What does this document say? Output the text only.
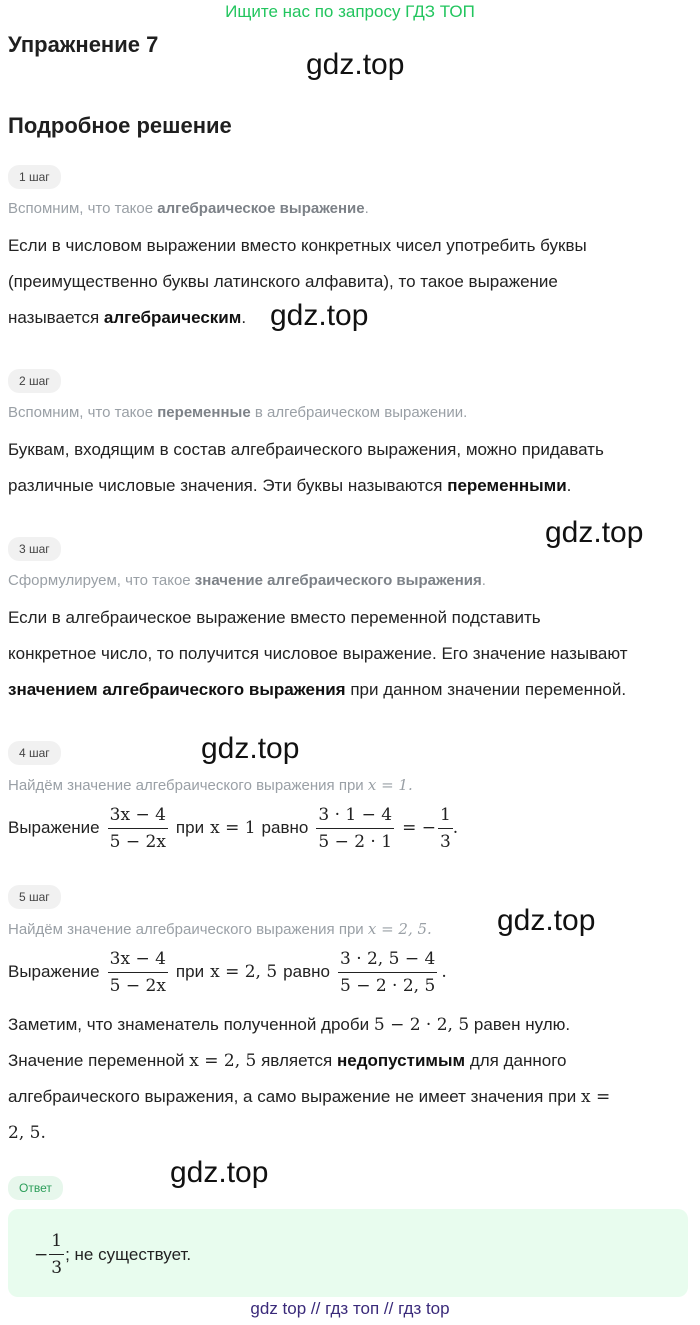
Ищите нас по запросу ГДЗ ТОП
Упражнение 7
gdz.top
Подробное решение
1 шаг
Вспомним, что такое алгебраическое выражение.
Если в числовом выражении вместо конкретных чисел употребить буквы
(преимущественно буквы латинского алфавита), то такое выражение
называется алгебраическим. gdz.top
2 шаг
Вспомним, что такое переменные в алгебраическом выражении.
Буквам, входящим в состав алгебраического выражения, можно придавать
различные числовые значения. Эти буквы называются переменными.
gdz.top
3 шаг
Сформулируем, что такое значение алгебраического выражения.
Если в алгебраическое выражение вместо переменной подставить
конкретное число, то получится числовое выражение. Его значение называют
значением алгебраического выражения при данном значении переменной.
4 шаг	gdz.top
Найдём значение алгебраического выражения при x = 1.
Выражение $\frac{3x - 4}{5 - 2x}$ при x = 1 равно $\frac{3 \cdot 1 - 4}{5 - 2 \cdot 1}$ = − $\frac{1}{3}$ .
5 шаг
gdz.top
Найдём значение алгебраического выражения при x = 2, 5.
Выражение $\frac{3x - 4}{5 - 2x}$ при x = 2, 5 равно $\frac{3 \cdot 2, 5 - 4}{5 - 2 \cdot 2, 5}$ .
Заметим, что знаменатель полученной дроби 5 − 2 · 2, 5 равен нулю.
Значение переменной x = 2, 5 является недопустимым для данного
алгебраического выражения, а само выражение не имеет значения при x =
2, 5.
Ответ	gdz.top
− $\frac{1}{3}$ ; не существует.
gdz top // гдз топ // гдз top
